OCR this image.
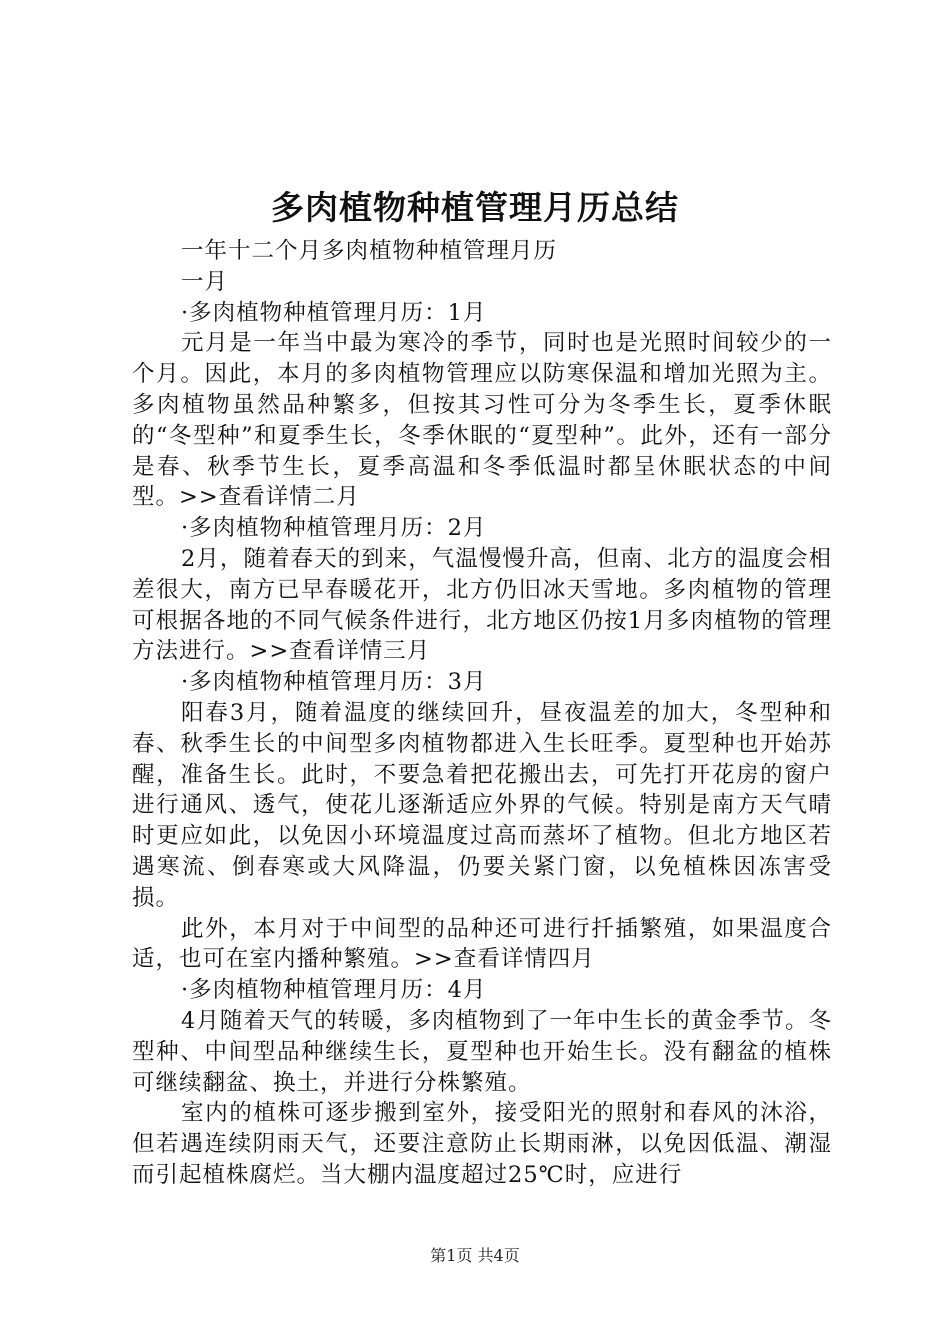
多肉植物种植管理月历总结

一年十二个月多肉植物种植管理月历

一月

·多肉植物种植管理月历：1月

元月是一年当中最为寒冷的季节，同时也是光照时间较少的一个月。因此，本月的多肉植物管理应以防寒保温和增加光照为主。多肉植物虽然品种繁多，但按其习性可分为冬季生长，夏季休眠的“冬型种”和夏季生长，冬季休眠的“夏型种”。此外，还有一部分是春、秋季节生长，夏季高温和冬季低温时都呈休眠状态的中间型。>>查看详情二月

·多肉植物种植管理月历：2月

2月，随着春天的到来，气温慢慢升高，但南、北方的温度会相差很大，南方已早春暖花开，北方仍旧冰天雪地。多肉植物的管理可根据各地的不同气候条件进行，北方地区仍按1月多肉植物的管理方法进行。>>查看详情三月

·多肉植物种植管理月历：3月

阳春3月，随着温度的继续回升，昼夜温差的加大，冬型种和春、秋季生长的中间型多肉植物都进入生长旺季。夏型种也开始苏醒，准备生长。此时，不要急着把花搬出去，可先打开花房的窗户进行通风、透气，使花儿逐渐适应外界的气候。特别是南方天气晴时更应如此，以免因小环境温度过高而蒸坏了植物。但北方地区若遇寒流、倒春寒或大风降温，仍要关紧门窗，以免植株因冻害受损。

此外，本月对于中间型的品种还可进行扦插繁殖，如果温度合适，也可在室内播种繁殖。>>查看详情四月

·多肉植物种植管理月历：4月

4月随着天气的转暖，多肉植物到了一年中生长的黄金季节。冬型种、中间型品种继续生长，夏型种也开始生长。没有翻盆的植株可继续翻盆、换土，并进行分株繁殖。

室内的植株可逐步搬到室外，接受阳光的照射和春风的沐浴，但若遇连续阴雨天气，还要注意防止长期雨淋，以免因低温、潮湿而引起植株腐烂。当大棚内温度超过25℃时，应进行

第1页 共4页
